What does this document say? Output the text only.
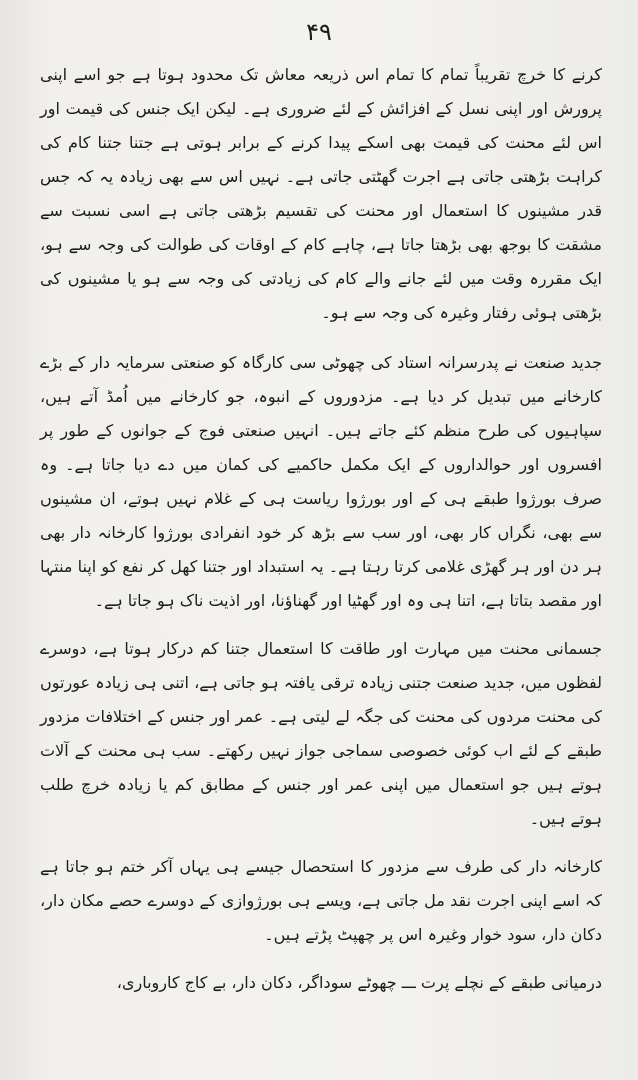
۴۹

کرنے کا خرچ تقریباً تمام کا تمام اس ذریعہ معاش تک محدود ہوتا ہے جو اسے اپنی پرورش اور اپنی نسل کے افزائش کے لئے ضروری ہے۔ لیکن ایک جنس کی قیمت اور اس لئے محنت کی قیمت بھی اسکے پیدا کرنے کے برابر ہوتی ہے جتنا جتنا کام کی کراہت بڑھتی جاتی ہے اجرت گھٹتی جاتی ہے۔ نہیں اس سے بھی زیادہ یہ کہ جس قدر مشینوں کا استعمال اور محنت کی تقسیم بڑھتی جاتی ہے اسی نسبت سے مشقت کا بوجھ بھی بڑھتا جاتا ہے، چاہے کام کے اوقات کی طوالت کی وجہ سے ہو، ایک مقررہ وقت میں لئے جانے والے کام کی زیادتی کی وجہ سے ہو یا مشینوں کی بڑھتی ہوئی رفتار وغیرہ کی وجہ سے ہو۔

جدید صنعت نے پدرسرانہ استاد کی چھوٹی سی کارگاہ کو صنعتی سرمایہ دار کے بڑے کارخانے میں تبدیل کر دیا ہے۔ مزدوروں کے انبوہ، جو کارخانے میں اُمڈ آتے ہیں، سپاہیوں کی طرح منظم کئے جاتے ہیں۔ انہیں صنعتی فوج کے جوانوں کے طور پر افسروں اور حوالداروں کے ایک مکمل حاکمیے کی کمان میں دے دیا جاتا ہے۔ وہ صرف بورژوا طبقے ہی کے اور بورژوا ریاست ہی کے غلام نہیں ہوتے، ان مشینوں سے بھی، نگراں کار بھی، اور سب سے بڑھ کر خود انفرادی بورژوا کارخانہ دار بھی ہر دن اور ہر گھڑی غلامی کرتا رہتا ہے۔ یہ استبداد اور جتنا کھل کر نفع کو اپنا منتہا اور مقصد بتاتا ہے، اتنا ہی وہ اور گھٹیا اور گھناؤنا، اور اذیت ناک ہو جاتا ہے۔

جسمانی محنت میں مہارت اور طاقت کا استعمال جتنا کم درکار ہوتا ہے، دوسرے لفظوں میں، جدید صنعت جتنی زیادہ ترقی یافتہ ہو جاتی ہے، اتنی ہی زیادہ عورتوں کی محنت مردوں کی محنت کی جگہ لے لیتی ہے۔ عمر اور جنس کے اختلافات مزدور طبقے کے لئے اب کوئی خصوصی سماجی جواز نہیں رکھتے۔ سب ہی محنت کے آلات ہوتے ہیں جو استعمال میں اپنی عمر اور جنس کے مطابق کم یا زیادہ خرچ طلب ہوتے ہیں۔

کارخانہ دار کی طرف سے مزدور کا استحصال جیسے ہی یہاں آکر ختم ہو جاتا ہے کہ اسے اپنی اجرت نقد مل جاتی ہے، ویسے ہی بورژوازی کے دوسرے حصے مکان دار، دکان دار، سود خوار وغیرہ اس پر چھپٹ پڑتے ہیں۔

درمیانی طبقے کے نچلے پرت ـــ چھوٹے سوداگر، دکان دار، بے کاج کاروباری،
